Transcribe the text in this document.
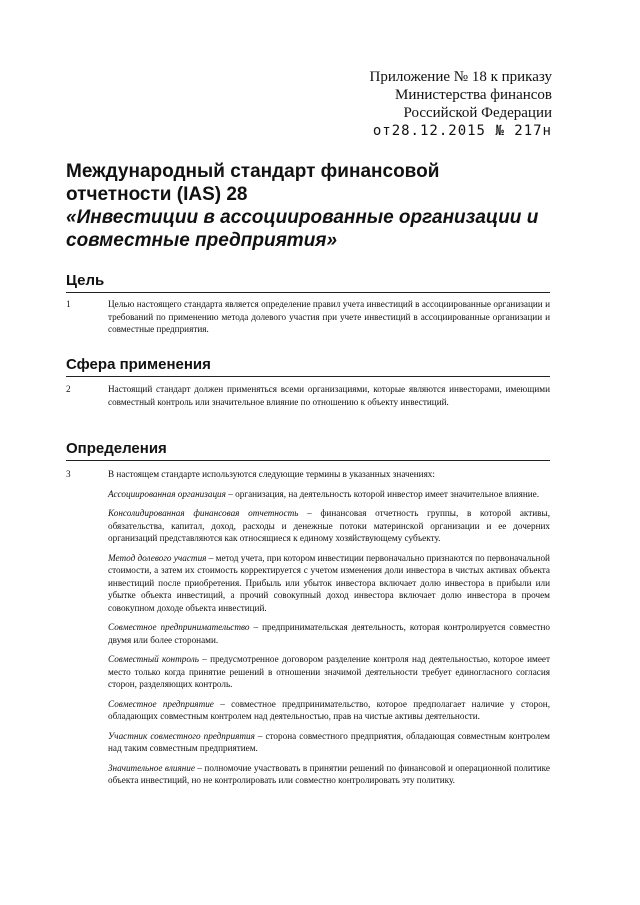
Приложение № 18 к приказу
Министерства финансов
Российской Федерации
от28.12.2015 № 217н
Международный стандарт финансовой
отчетности (IAS) 28
«Инвестиции в ассоциированные организации и
совместные предприятия»
Цель
1	Целью настоящего стандарта является определение правил учета инвестиций в ассоциированные организации и требований по применению метода долевого участия при учете инвестиций в ассоциированные организации и совместные предприятия.

Сфера применения
2	Настоящий стандарт должен применяться всеми организациями, которые являются инвесторами, имеющими совместный контроль или значительное влияние по отношению к объекту инвестиций.

Определения
3	В настоящем стандарте используются следующие термины в указанных значениях:

Ассоциированная организация – организация, на деятельность которой инвестор имеет значительное влияние.

Консолидированная финансовая отчетность – финансовая отчетность группы, в которой активы, обязательства, капитал, доход, расходы и денежные потоки материнской организации и ее дочерних организаций представляются как относящиеся к единому хозяйствующему субъекту.

Метод долевого участия – метод учета, при котором инвестиции первоначально признаются по первоначальной стоимости, а затем их стоимость корректируется с учетом изменения доли инвестора в чистых активах объекта инвестиций после приобретения. Прибыль или убыток инвестора включает долю инвестора в прибыли или убытке объекта инвестиций, а прочий совокупный доход инвестора включает долю инвестора в прочем совокупном доходе объекта инвестиций.

Совместное предпринимательство – предпринимательская деятельность, которая контролируется совместно двумя или более сторонами.

Совместный контроль – предусмотренное договором разделение контроля над деятельностью, которое имеет место только когда принятие решений в отношении значимой деятельности требует единогласного согласия сторон, разделяющих контроль.

Совместное предприятие – совместное предпринимательство, которое предполагает наличие у сторон, обладающих совместным контролем над деятельностью, прав на чистые активы деятельности.

Участник совместного предприятия – сторона совместного предприятия, обладающая совместным контролем над таким совместным предприятием.

Значительное влияние – полномочие участвовать в принятии решений по финансовой и операционной политике объекта инвестиций, но не контролировать или совместно контролировать эту политику.
